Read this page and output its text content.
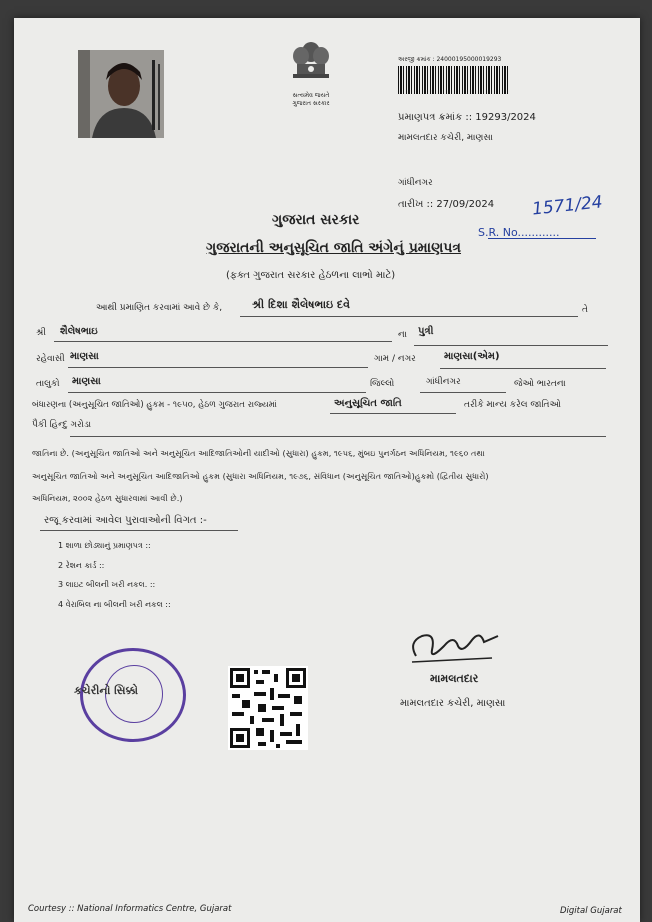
સત્યમેવ જયતે
ગુજરાત સરકાર
અરજી ક્રમાંક : 24000195000019293
પ્રમાણપત્ર ક્રમાંક :: 19293/2024
મામલતદાર કચેરી, માણસા
ગાંધીનગર
તારીખ :: 27/09/2024 1571/24
S.R. No............
ગુજરાત સરકાર
ગુજરાતની અનુસૂચિત જાતિ અંગેનું પ્રમાણપત્ર
(ફક્ત ગુજરાત સરકાર હેઠળના લાભો માટે)
આથી પ્રમાણિત કરવામાં આવે છે કે,	શ્રી દિશા શૈલેષભાઇ દવે	તે
શ્રી શૈલેષભાઇ	ના પુત્રી
રહેવાસી માણસા	ગામ / નગર	માણસા(એમ)
તાલુકો માણસા	જિલ્લો	ગાંધીનગર	જેઓ ભારતના
બંધારણના (અનુસૂચિત જાતિઓ) હુકમ - ૧૯૫૦, હેઠળ ગુજરાત રાજ્યમાં	અનુસૂચિત જાતિ	તરીકે માન્ય કરેલ જાતિઓ
પૈકી હિન્દુ ગરોડા
જાતિના છે. (અનુસૂચિત જાતિઓ અને અનુસૂચિત આદિજાતિઓની યાદીઓ (સુધારા) હુકમ, ૧૯૫૬, મુંબઇ પુનર્ગઠન અધિનિયમ, ૧૯૬૦ તથા
અનુસૂચિત જાતિઓ અને અનુસૂચિત આદિજાતિઓ હુકમ (સુધારા અધિનિયમ, ૧૯૭૬, સંવિધાન (અનુસૂચિત જાતિઓ)હુકમો (દ્વિતીય સુધારો)
અધિનિયમ, ૨૦૦૨ હેઠળ સુધારવામાં આવી છે.)
રજૂ કરવામાં આવેલ પુરાવાઓની વિગત :-
1 શાળા છોડ્યાનું પ્રમાણપત્ર ::
2 રેશન કાર્ડ ::
3 લાઇટ બીલની ખરી નકલ. ::
4 વેરાબિલ ના બીલની ખરી નકલ ::
કચેરીનો સિક્કો
મામલતદાર
મામલતદાર કચેરી, માણસા
Courtesy :: National Informatics Centre, Gujarat	Digital Gujarat
